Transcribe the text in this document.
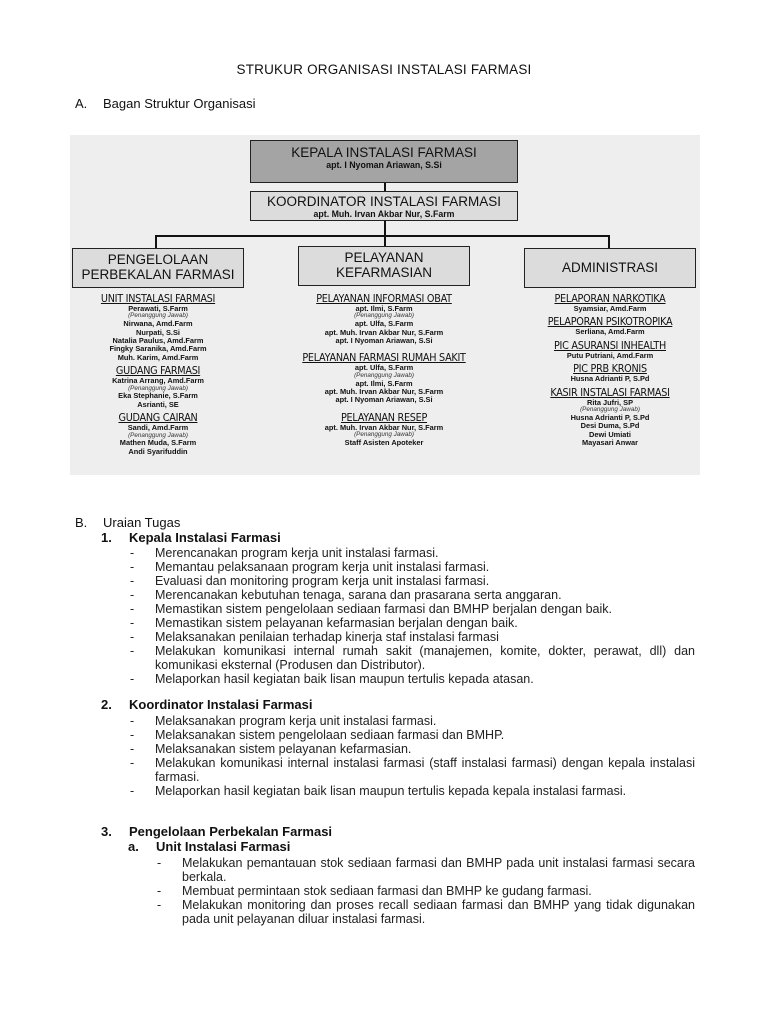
STRUKUR ORGANISASI INSTALASI FARMASI
A. Bagan Struktur Organisasi
KEPALA INSTALASI FARMASI
apt. I Nyoman Ariawan, S.Si
KOORDINATOR INSTALASI FARMASI
apt. Muh. Irvan Akbar Nur, S.Farm
PENGELOLAAN
PERBEKALAN FARMASI
PELAYANAN
KEFARMASIAN	ADMINISTRASI
UNIT INSTALASI FARMASI
Perawati, S.Farm
(Penanggung Jawab)
Nirwana, Amd.Farm
Nurpati, S.Si
Natalia Paulus, Amd.Farm
Fingky Saranika, Amd.Farm
Muh. Karim, Amd.Farm
GUDANG FARMASI
Katrina Arrang, Amd.Farm
(Penanggung Jawab)
Eka Stephanie, S.Farm
Asrianti, SE
GUDANG CAIRAN
Sandi, Amd.Farm
(Penanggung Jawab)
Mathen Muda, S.Farm
Andi Syarifuddin
PELAYANAN INFORMASI OBAT
apt. Ilmi, S.Farm
(Penanggung Jawab)
apt. Ulfa, S.Farm
apt. Muh. Irvan Akbar Nur, S.Farm
apt. I Nyoman Ariawan, S.Si
PELAYANAN FARMASI RUMAH SAKIT
apt. Ulfa, S.Farm
(Penanggung Jawab)
apt. Ilmi, S.Farm
apt. Muh. Irvan Akbar Nur, S.Farm
apt. I Nyoman Ariawan, S.Si
PELAYANAN RESEP
apt. Muh. Irvan Akbar Nur, S.Farm
(Penanggung Jawab)
Staff Asisten Apoteker
PELAPORAN NARKOTIKA
Syamsiar, Amd.Farm
PELAPORAN PSIKOTROPIKA
Serliana, Amd.Farm
PIC ASURANSI INHEALTH
Putu Putriani, Amd.Farm
PIC PRB KRONIS
Husna Adrianti P, S.Pd
KASIR INSTALASI FARMASI
Rita Jufri, SP
(Penanggung Jawab)
Husna Adrianti P, S.Pd
Desi Duma, S.Pd
Dewi Umiati
Mayasari Anwar
B. Uraian Tugas
1. Kepala Instalasi Farmasi
- Merencanakan program kerja unit instalasi farmasi.
- Memantau pelaksanaan program kerja unit instalasi farmasi.
- Evaluasi dan monitoring program kerja unit instalasi farmasi.
- Merencanakan kebutuhan tenaga, sarana dan prasarana serta anggaran.
- Memastikan sistem pengelolaan sediaan farmasi dan BMHP berjalan dengan baik.
- Memastikan sistem pelayanan kefarmasian berjalan dengan baik.
- Melaksanakan penilaian terhadap kinerja staf instalasi farmasi
- Melakukan komunikasi internal rumah sakit (manajemen, komite, dokter, perawat, dll) dan komunikasi eksternal (Produsen dan Distributor).
- Melaporkan hasil kegiatan baik lisan maupun tertulis kepada atasan.
2. Koordinator Instalasi Farmasi
- Melaksanakan program kerja unit instalasi farmasi.
- Melaksanakan sistem pengelolaan sediaan farmasi dan BMHP.
- Melaksanakan sistem pelayanan kefarmasian.
- Melakukan komunikasi internal instalasi farmasi (staff instalasi farmasi) dengan kepala instalasi farmasi.
- Melaporkan hasil kegiatan baik lisan maupun tertulis kepada kepala instalasi farmasi.
3. Pengelolaan Perbekalan Farmasi
a. Unit Instalasi Farmasi
- Melakukan pemantauan stok sediaan farmasi dan BMHP pada unit instalasi farmasi secara berkala.
- Membuat permintaan stok sediaan farmasi dan BMHP ke gudang farmasi.
- Melakukan monitoring dan proses recall sediaan farmasi dan BMHP yang tidak digunakan pada unit pelayanan diluar instalasi farmasi.
